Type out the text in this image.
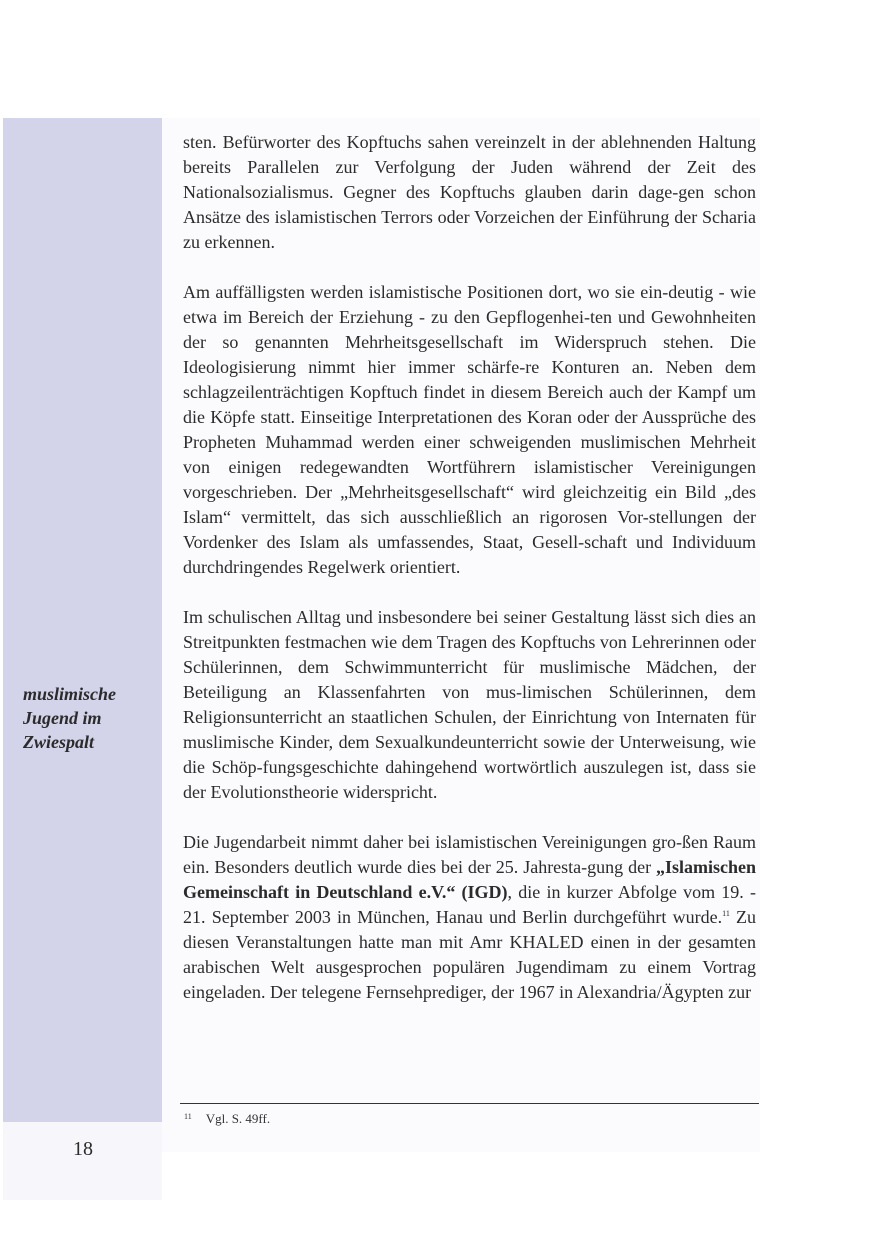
muslimische
Jugend im
Zwiespalt

sten. Befürworter des Kopftuchs sahen vereinzelt in der ablehnenden Haltung bereits Parallelen zur Verfolgung der Juden während der Zeit des Nationalsozialismus. Gegner des Kopftuchs glauben darin dage-gen schon Ansätze des islamistischen Terrors oder Vorzeichen der Einführung der Scharia zu erkennen.

Am auffälligsten werden islamistische Positionen dort, wo sie ein-deutig - wie etwa im Bereich der Erziehung - zu den Gepflogenhei-ten und Gewohnheiten der so genannten Mehrheitsgesellschaft im Widerspruch stehen. Die Ideologisierung nimmt hier immer schärfe-re Konturen an. Neben dem schlagzeilenträchtigen Kopftuch findet in diesem Bereich auch der Kampf um die Köpfe statt. Einseitige Interpretationen des Koran oder der Aussprüche des Propheten Muhammad werden einer schweigenden muslimischen Mehrheit von einigen redegewandten Wortführern islamistischer Vereinigungen vorgeschrieben. Der „Mehrheitsgesellschaft“ wird gleichzeitig ein Bild „des Islam“ vermittelt, das sich ausschließlich an rigorosen Vor-stellungen der Vordenker des Islam als umfassendes, Staat, Gesell-schaft und Individuum durchdringendes Regelwerk orientiert.

Im schulischen Alltag und insbesondere bei seiner Gestaltung lässt sich dies an Streitpunkten festmachen wie dem Tragen des Kopftuchs von Lehrerinnen oder Schülerinnen, dem Schwimmunterricht für muslimische Mädchen, der Beteiligung an Klassenfahrten von mus-limischen Schülerinnen, dem Religionsunterricht an staatlichen Schulen, der Einrichtung von Internaten für muslimische Kinder, dem Sexualkundeunterricht sowie der Unterweisung, wie die Schöp-fungsgeschichte dahingehend wortwörtlich auszulegen ist, dass sie der Evolutionstheorie widerspricht.

Die Jugendarbeit nimmt daher bei islamistischen Vereinigungen gro-ßen Raum ein. Besonders deutlich wurde dies bei der 25. Jahresta-gung der „Islamischen Gemeinschaft in Deutschland e.V.“ (IGD), die in kurzer Abfolge vom 19. - 21. September 2003 in München, Hanau und Berlin durchgeführt wurde.$^{11}$ Zu diesen Veranstaltungen hatte man mit Amr KHALED einen in der gesamten arabischen Welt ausgesprochen populären Jugendimam zu einem Vortrag eingeladen. Der telegene Fernsehprediger, der 1967 in Alexandria/Ägypten zur

$^{11}$ Vgl. S. 49ff.
18
